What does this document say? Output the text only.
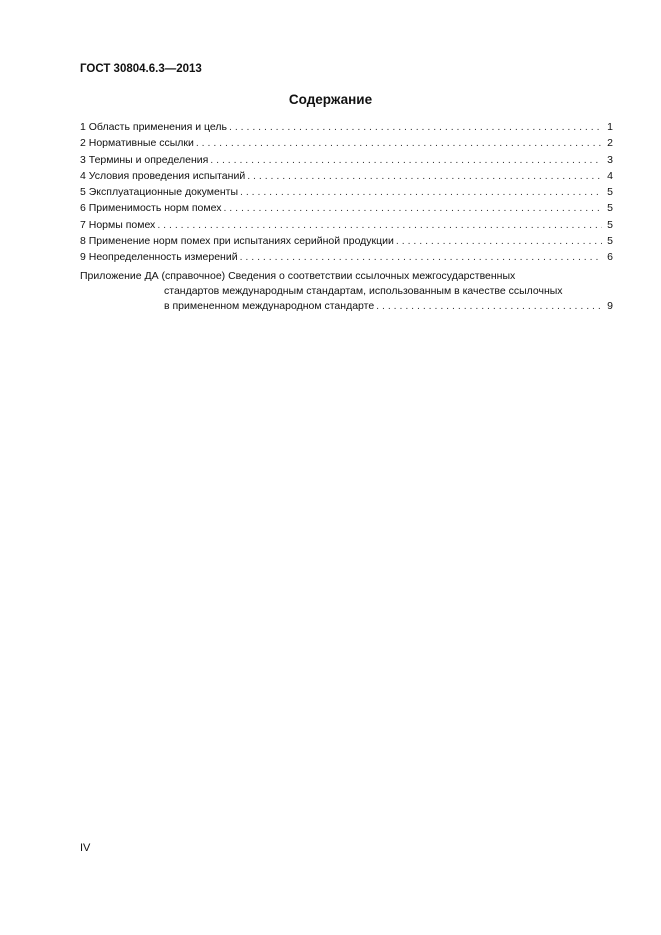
ГОСТ 30804.6.3—2013
Содержание
1 Область применения и цель . . .	1
2 Нормативные ссылки . . .	2
3 Термины и определения . . .	3
4 Условия проведения испытаний . . .	4
5 Эксплуатационные документы . . .	5
6 Применимость норм помех . . .	5
7 Нормы помех . . .	5
8 Применение норм помех при испытаниях серийной продукции . . .	5
9 Неопределенность измерений . . .	6
Приложение ДА (справочное) Сведения о соответствии ссылочных межгосударственных
стандартов международным стандартам, использованным в качестве ссылочных
в примененном международном стандарте . . .	9
IV
